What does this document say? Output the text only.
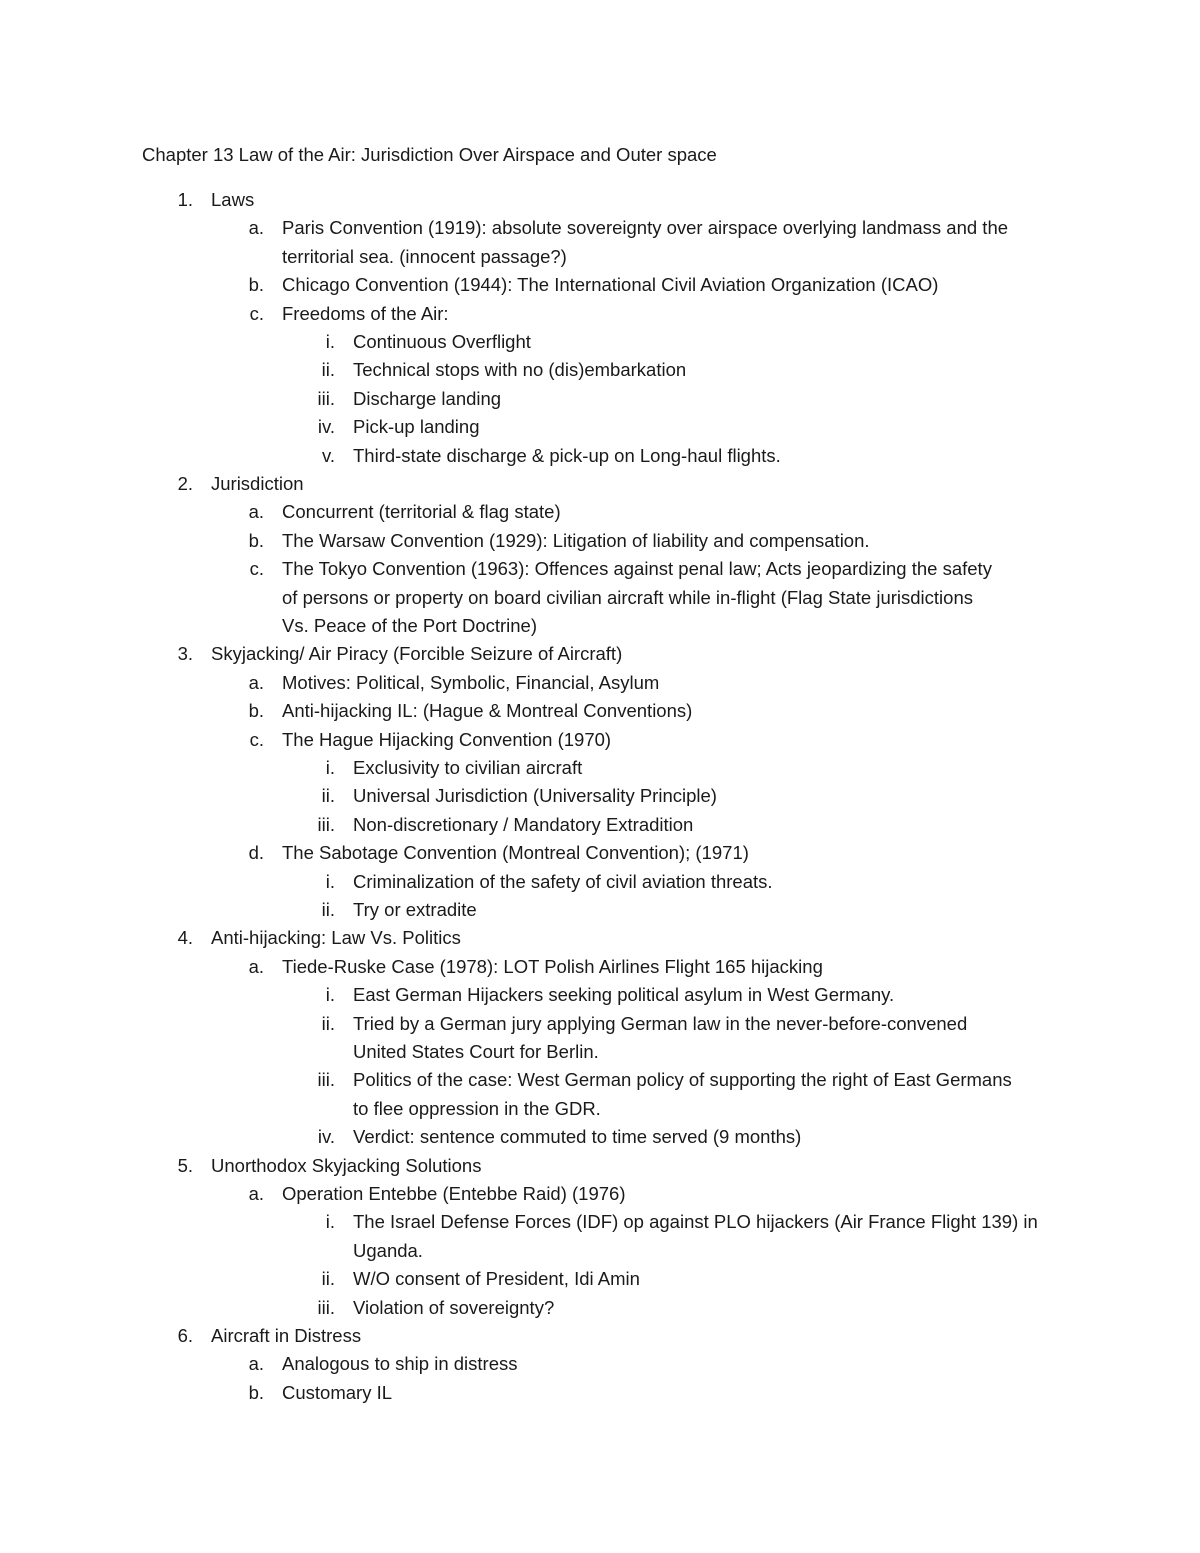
Chapter 13 Law of the Air: Jurisdiction Over Airspace and Outer space
1. Laws
a. Paris Convention (1919): absolute sovereignty over airspace overlying landmass and the
territorial sea. (innocent passage?)
b. Chicago Convention (1944): The International Civil Aviation Organization (ICAO)
c. Freedoms of the Air:
i. Continuous Overflight
ii. Technical stops with no (dis)embarkation
iii. Discharge landing
iv. Pick-up landing
v. Third-state discharge & pick-up on Long-haul flights.
2. Jurisdiction
a. Concurrent (territorial & flag state)
b. The Warsaw Convention (1929): Litigation of liability and compensation.
c. The Tokyo Convention (1963): Offences against penal law; Acts jeopardizing the safety
of persons or property on board civilian aircraft while in-flight (Flag State jurisdictions
Vs. Peace of the Port Doctrine)
3. Skyjacking/ Air Piracy (Forcible Seizure of Aircraft)
a. Motives: Political, Symbolic, Financial, Asylum
b. Anti-hijacking IL: (Hague & Montreal Conventions)
c. The Hague Hijacking Convention (1970)
i. Exclusivity to civilian aircraft
ii. Universal Jurisdiction (Universality Principle)
iii. Non-discretionary / Mandatory Extradition
d. The Sabotage Convention (Montreal Convention); (1971)
i. Criminalization of the safety of civil aviation threats.
ii. Try or extradite
4. Anti-hijacking: Law Vs. Politics
a. Tiede-Ruske Case (1978): LOT Polish Airlines Flight 165 hijacking
i. East German Hijackers seeking political asylum in West Germany.
ii. Tried by a German jury applying German law in the never-before-convened
United States Court for Berlin.
iii. Politics of the case: West German policy of supporting the right of East Germans
to flee oppression in the GDR.
iv. Verdict: sentence commuted to time served (9 months)
5. Unorthodox Skyjacking Solutions
a. Operation Entebbe (Entebbe Raid) (1976)
i. The Israel Defense Forces (IDF) op against PLO hijackers (Air France Flight 139) in
Uganda.
ii. W/O consent of President, Idi Amin
iii. Violation of sovereignty?
6. Aircraft in Distress
a. Analogous to ship in distress
b. Customary IL
